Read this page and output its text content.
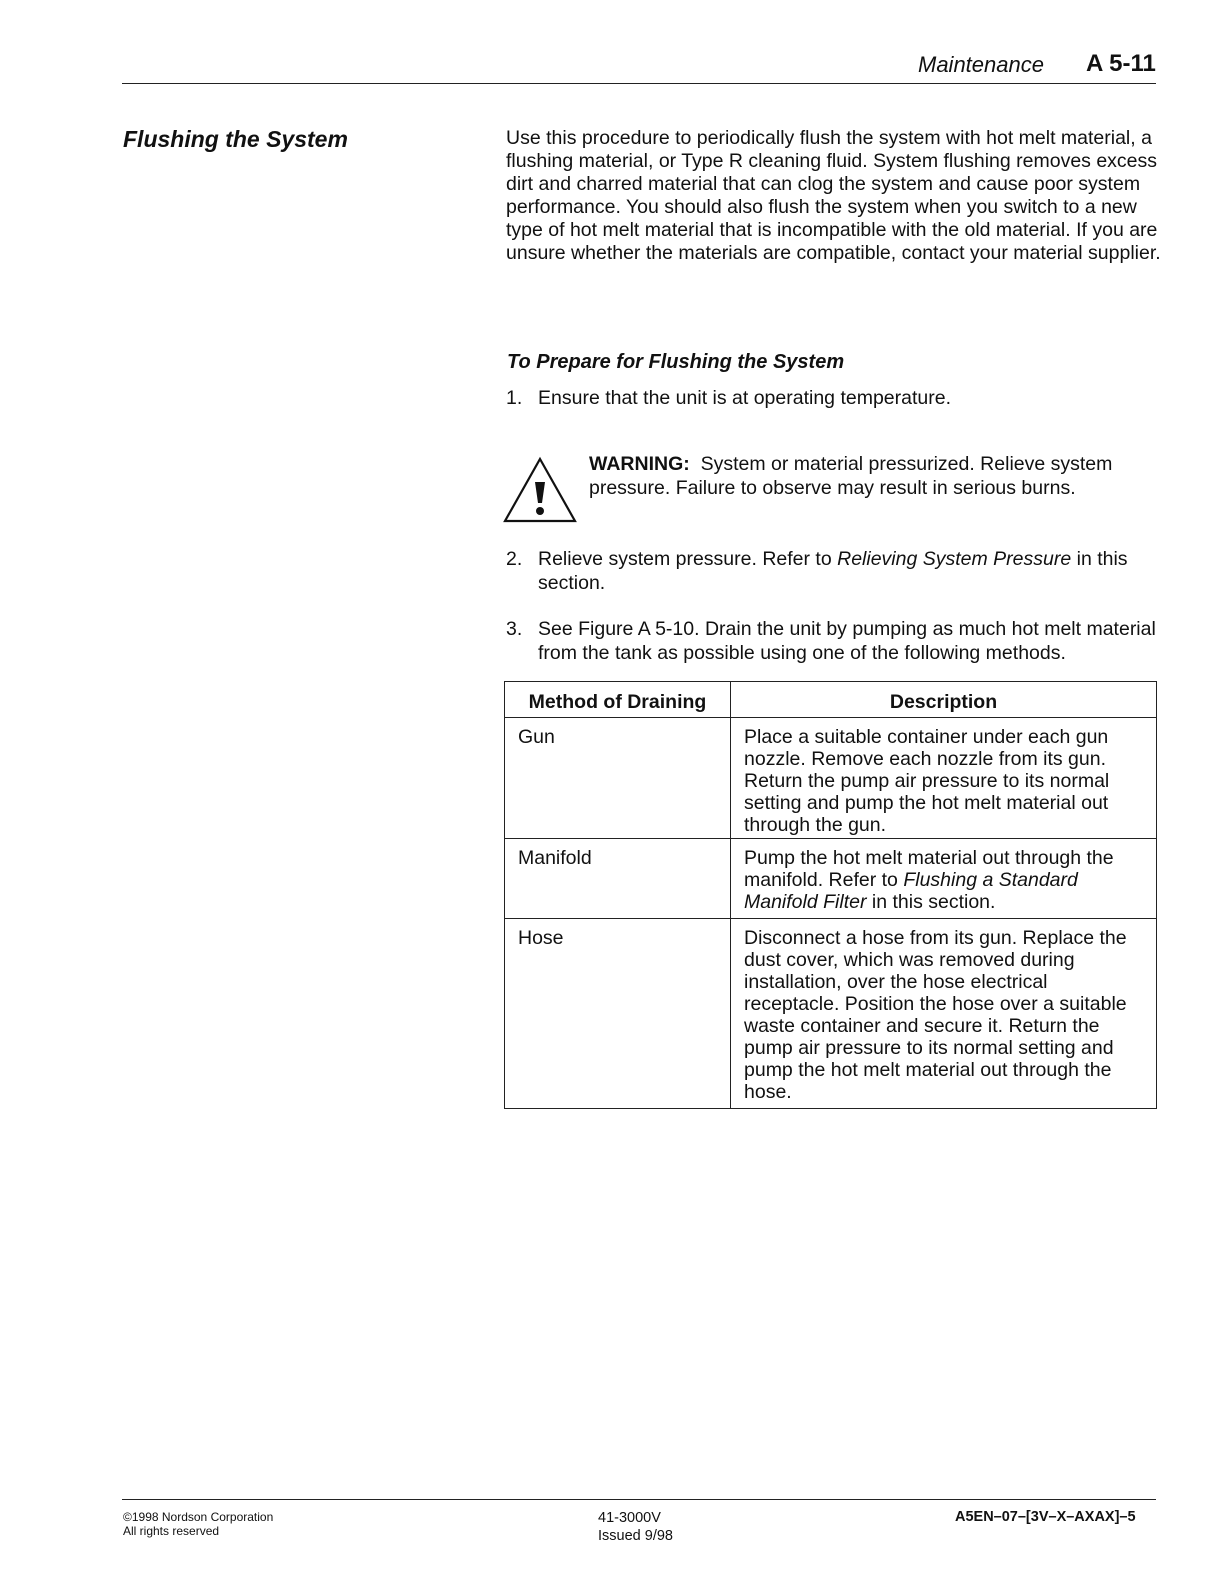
Maintenance A 5-11
Flushing the System	Use this procedure to periodically flush the system with hot melt material, a flushing material, or Type R cleaning fluid. System flushing removes excess dirt and charred material that can clog the system and cause poor system performance. You should also flush the system when you switch to a new type of hot melt material that is incompatible with the old material. If you are unsure whether the materials are compatible, contact your material supplier.
To Prepare for Flushing the System
1. Ensure that the unit is at operating temperature.
WARNING: System or material pressurized. Relieve system pressure. Failure to observe may result in serious burns.
2. Relieve system pressure. Refer to Relieving System Pressure in this section.
3. See Figure A 5-10. Drain the unit by pumping as much hot melt material from the tank as possible using one of the following methods.
Method of Draining	Description
Gun	Place a suitable container under each gun nozzle. Remove each nozzle from its gun. Return the pump air pressure to its normal setting and pump the hot melt material out through the gun.
Manifold	Pump the hot melt material out through the manifold. Refer to Flushing a Standard Manifold Filter in this section.
Hose	Disconnect a hose from its gun. Replace the dust cover, which was removed during installation, over the hose electrical receptacle. Position the hose over a suitable waste container and secure it. Return the pump air pressure to its normal setting and pump the hot melt material out through the hose.
©1998 Nordson Corporation
All rights reserved
41-3000V
Issued 9/98
A5EN–07–[3V–X–AXAX]–5
